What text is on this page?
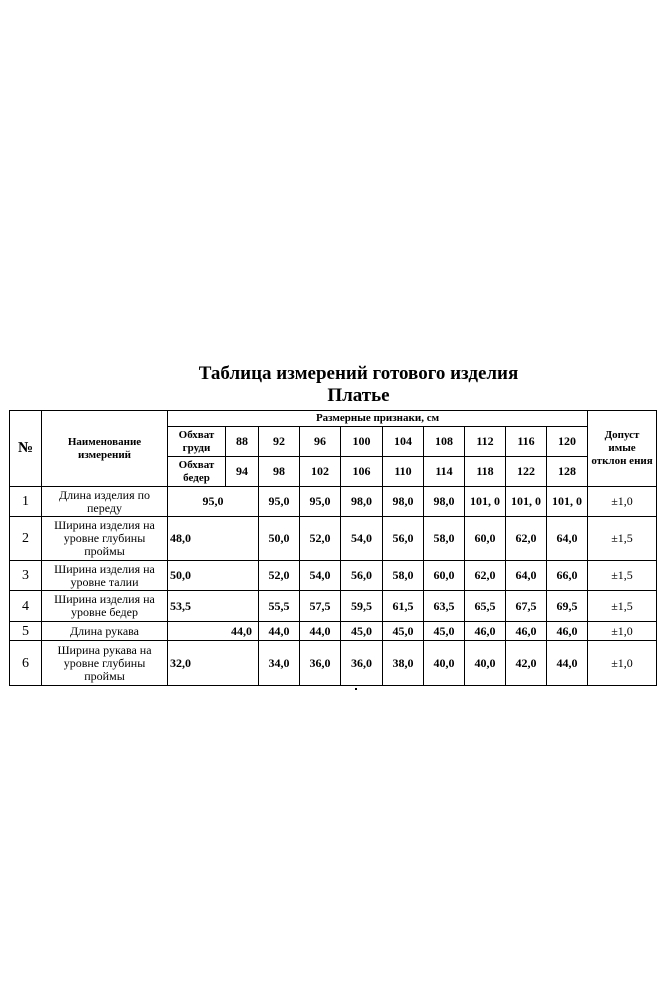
Таблица измерений готового изделия
Платье
№	Наименование измерений	Размерные признаки, см										Допуст имые отклон ения
		Обхват груди	88	92	96	100	104	108	112	116	120	
		Обхват бедер	94	98	102	106	110	114	118	122	128	
1	Длина изделия по переду	95,0		95,0	95,0	98,0	98,0	98,0	101, 0	101, 0	101, 0	±1,0
2	Ширина изделия на уровне глубины проймы	48,0		50,0	52,0	54,0	56,0	58,0	60,0	62,0	64,0	±1,5
3	Ширина изделия на уровне талии	50,0		52,0	54,0	56,0	58,0	60,0	62,0	64,0	66,0	±1,5
4	Ширина изделия на уровне бедер	53,5		55,5	57,5	59,5	61,5	63,5	65,5	67,5	69,5	±1,5
5	Длина рукава	44,0		44,0	44,0	45,0	45,0	45,0	46,0	46,0	46,0	±1,0
6	Ширина рукава на уровне глубины проймы	32,0		34,0	36,0	36,0	38,0	40,0	40,0	42,0	44,0	±1,0
